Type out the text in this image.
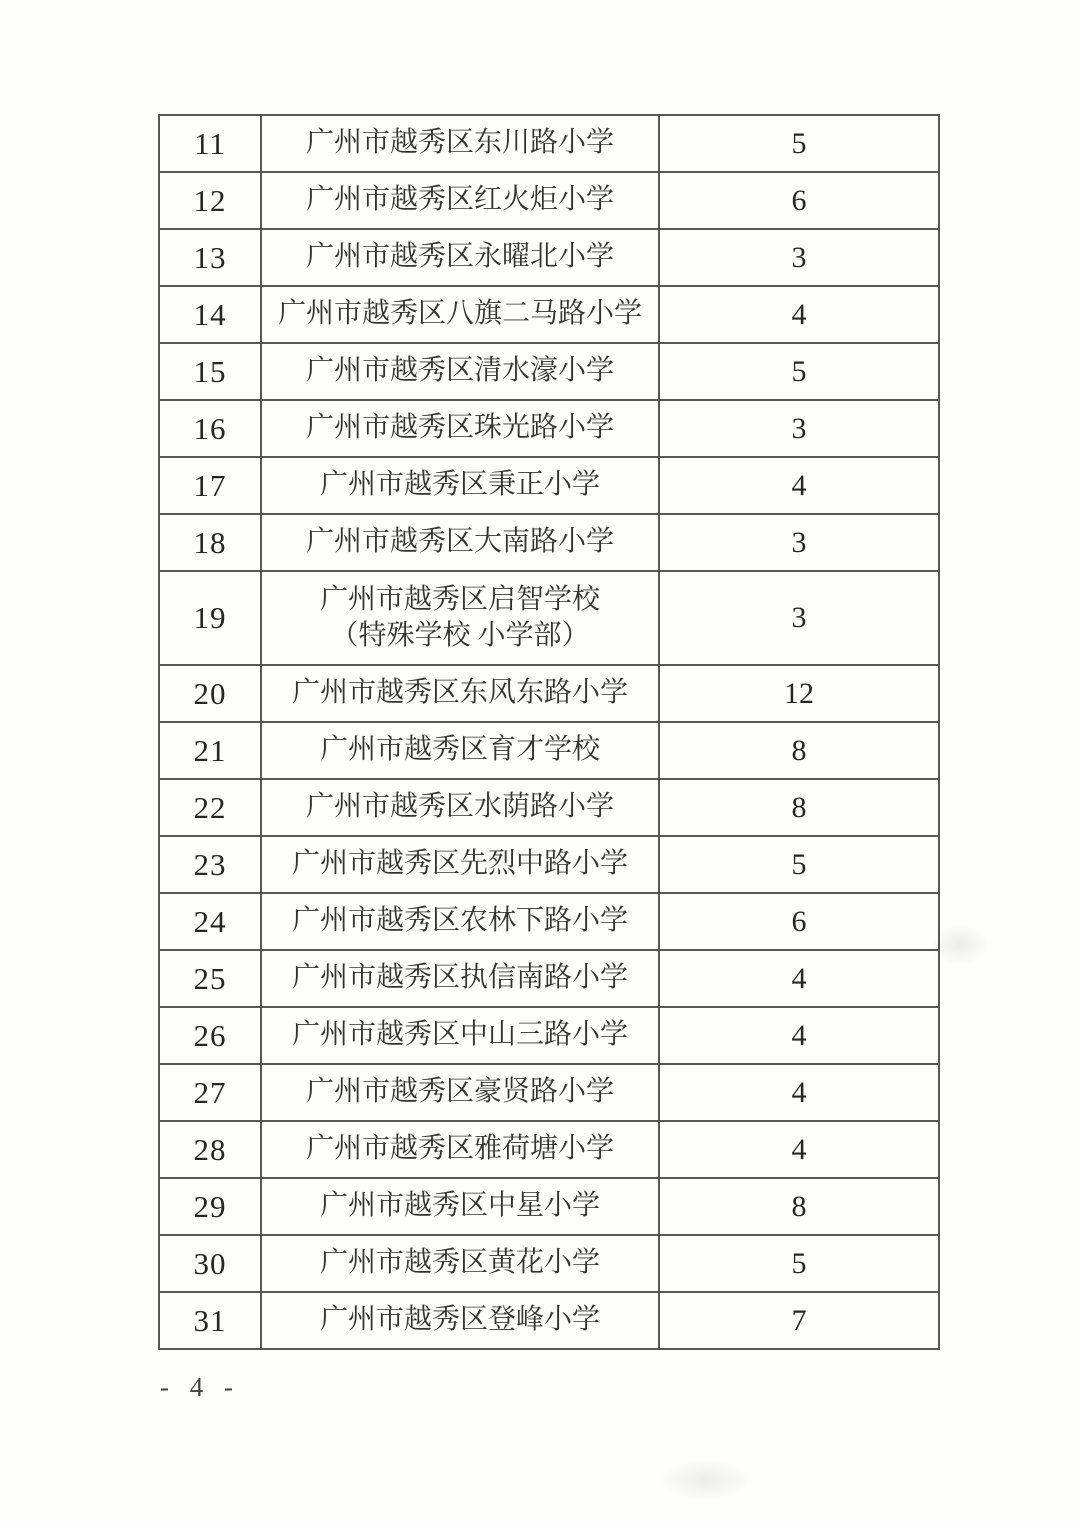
11	广州市越秀区东川路小学	5
12	广州市越秀区红火炬小学	6
13	广州市越秀区永曜北小学	3
14	广州市越秀区八旗二马路小学	4
15	广州市越秀区清水濠小学	5
16	广州市越秀区珠光路小学	3
17	广州市越秀区秉正小学	4
18	广州市越秀区大南路小学	3
19	广州市越秀区启智学校
（特殊学校 小学部）	3
20	广州市越秀区东风东路小学	12
21	广州市越秀区育才学校	8
22	广州市越秀区水荫路小学	8
23	广州市越秀区先烈中路小学	5
24	广州市越秀区农林下路小学	6
25	广州市越秀区执信南路小学	4
26	广州市越秀区中山三路小学	4
27	广州市越秀区豪贤路小学	4
28	广州市越秀区雅荷塘小学	4
29	广州市越秀区中星小学	8
30	广州市越秀区黄花小学	5
31	广州市越秀区登峰小学	7
- 4 -
